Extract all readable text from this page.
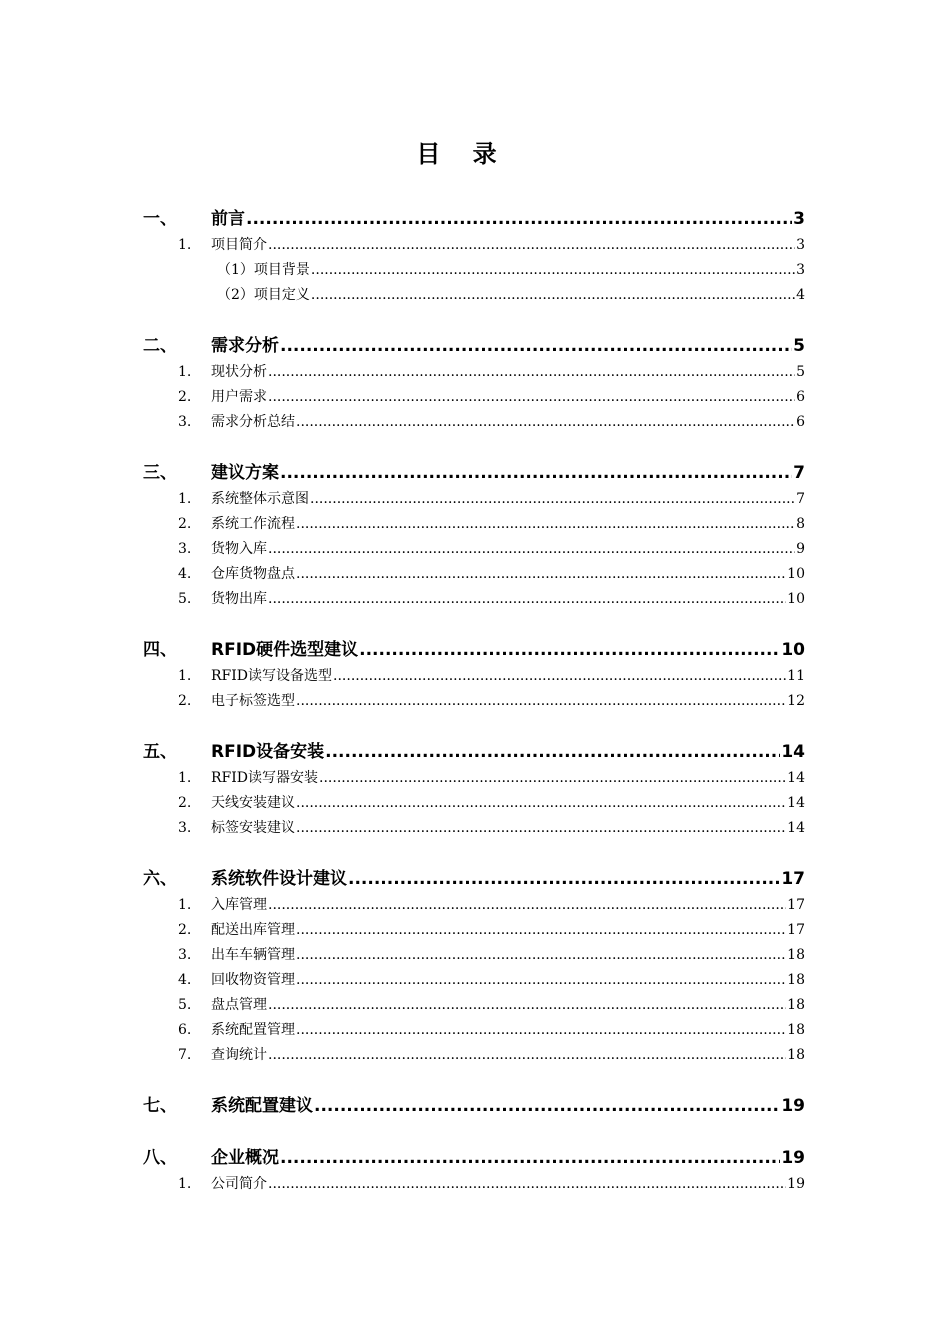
目 录
一、 前言 .....	3
1. 项目简介 .....	3
（1）项目背景 .....	3
（2）项目定义 .....	4
二、 需求分析 .....	5
1. 现状分析 .....	5
2. 用户需求 .....	6
3. 需求分析总结 .....	6
三、 建议方案 .....	7
1. 系统整体示意图 .....	7
2. 系统工作流程 .....	8
3. 货物入库 .....	9
4. 仓库货物盘点 .....	10
5. 货物出库 .....	10
四、 RFID硬件选型建议 .....	10
1. RFID读写设备选型 .....	11
2. 电子标签选型 .....	12
五、 RFID设备安装 .....	14
1. RFID读写器安装 .....	14
2. 天线安装建议 .....	14
3. 标签安装建议 .....	14
六、 系统软件设计建议 .....	17
1. 入库管理 .....	17
2. 配送出库管理 .....	17
3. 出车车辆管理 .....	18
4. 回收物资管理 .....	18
5. 盘点管理 .....	18
6. 系统配置管理 .....	18
7. 查询统计 .....	18
七、 系统配置建议 .....	19
八、 企业概况 .....	19
1. 公司简介 .....	19
